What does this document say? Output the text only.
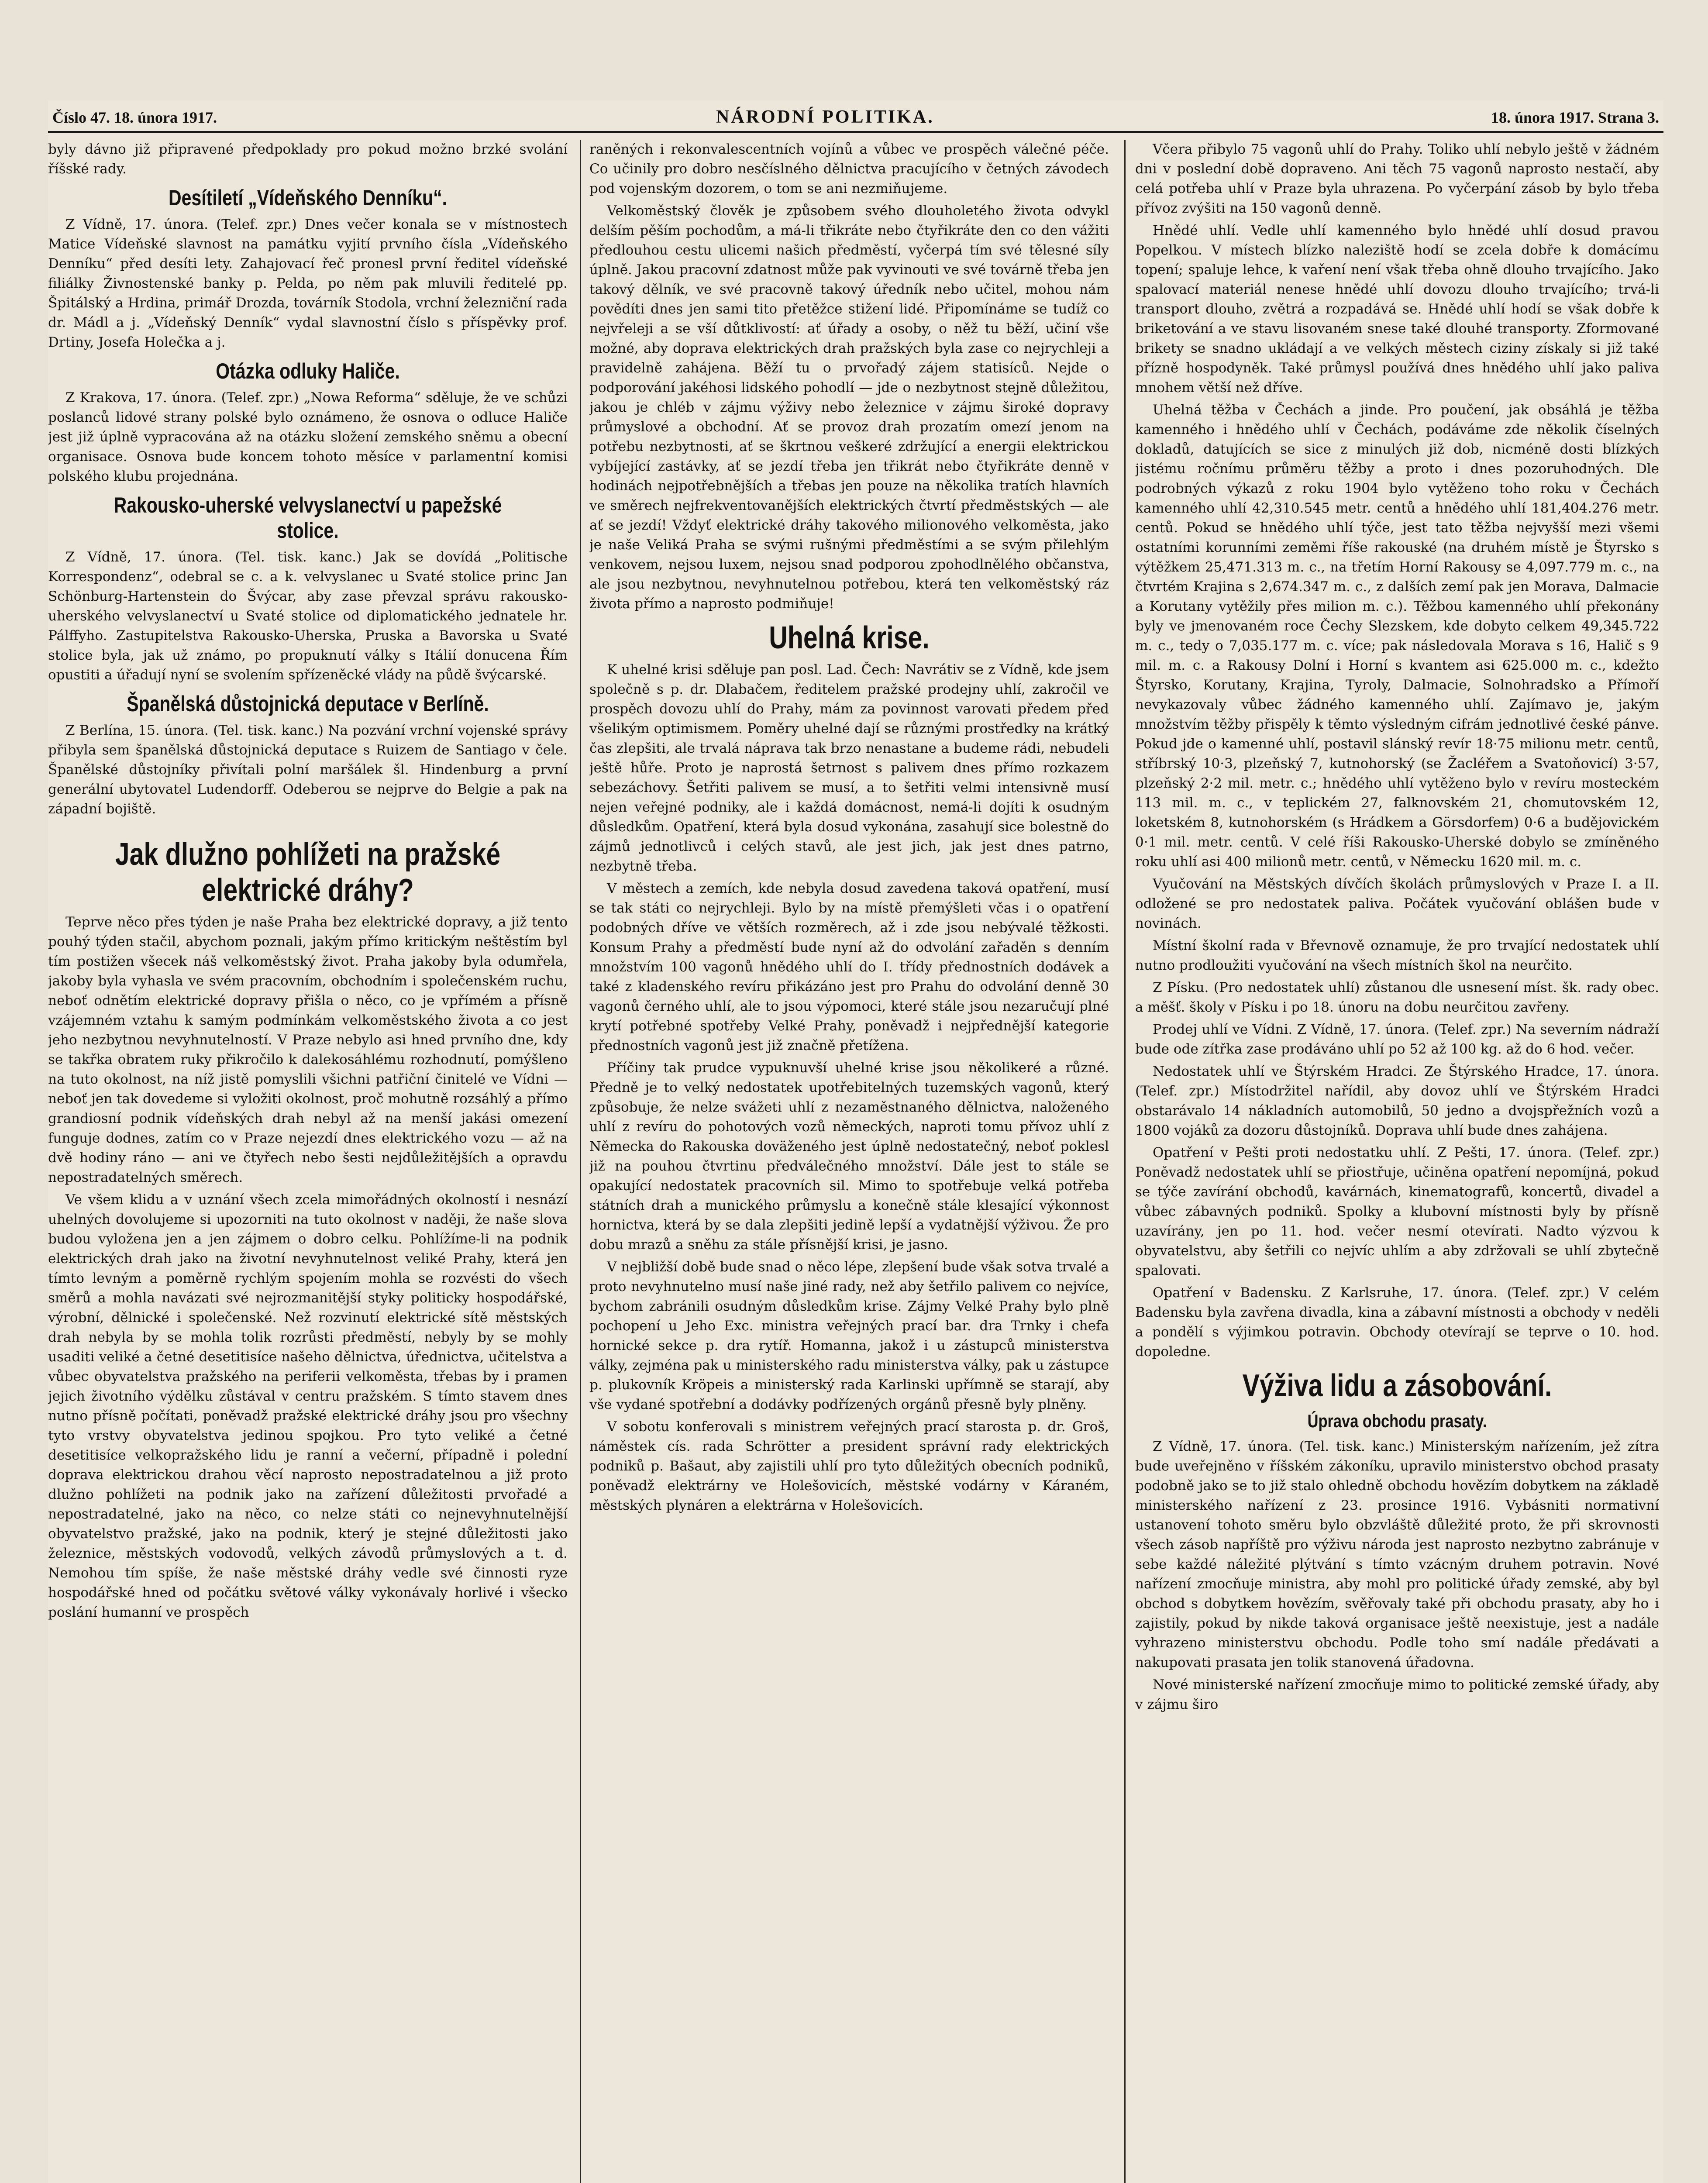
Číslo 47. 18. února 1917.	NÁRODNÍ POLITIKA.	18. února 1917. Strana 3.

byly dávno již připravené předpoklady pro pokud možno brzké svolání říšské rady.

Desítiletí „Vídeňského Denníku“.

Z Vídně, 17. února. (Telef. zpr.) Dnes večer konala se v místnostech Matice Vídeňské slavnost na památku vyjití prvního čísla „Vídeňského Denníku“ před desíti lety. Zahajovací řeč pronesl první ředitel vídeňské filiálky Živnostenské banky p. Pelda, po něm pak mluvili ředitelé pp. Špitálský a Hrdina, primář Drozda, továrník Stodola, vrchní železniční rada dr. Mádl a j. „Vídeňský Denník“ vydal slavnostní číslo s příspěvky prof. Drtiny, Josefa Holečka a j.

Otázka odluky Haliče.

Z Krakova, 17. února. (Telef. zpr.) „Nowa Reforma“ sděluje, že ve schůzi poslanců lidové strany polské bylo oznámeno, že osnova o odluce Haliče jest již úplně vypracována až na otázku složení zemského sněmu a obecní organisace. Osnova bude koncem tohoto měsíce v parlamentní komisi polského klubu projednána.

Rakousko-uherské velvyslanectví u papežské stolice.

Z Vídně, 17. února. (Tel. tisk. kanc.) Jak se dovídá „Politische Korrespondenz“, odebral se c. a k. velvyslanec u Svaté stolice princ Jan Schönburg-Hartenstein do Švýcar, aby zase převzal správu rakousko-uherského velvyslanectví u Svaté stolice od diplomatického jednatele hr. Pálffyho. Zastupitelstva Rakousko-Uherska, Pruska a Bavorska u Svaté stolice byla, jak už známo, po propuknutí války s Itálií donucena Řím opustiti a úřadují nyní se svolením spřízeněcké vlády na půdě švýcarské.

Španělská důstojnická deputace v Berlíně.

Z Berlína, 15. února. (Tel. tisk. kanc.) Na pozvání vrchní vojenské správy přibyla sem španělská důstojnická deputace s Ruizem de Santiago v čele. Španělské důstojníky přivítali polní maršálek šl. Hindenburg a první generální ubytovatel Ludendorff. Odeberou se nejprve do Belgie a pak na západní bojiště.

Jak dlužno pohlížeti na pražské elektrické dráhy?

Teprve něco přes týden je naše Praha bez elektrické dopravy, a již tento pouhý týden stačil, abychom poznali, jakým přímo kritickým neštěstím byl tím postižen všecek náš velkoměstský život. Praha jakoby byla odumřela, jakoby byla vyhasla ve svém pracovním, obchodním i společenském ruchu, neboť odnětím elektrické dopravy přišla o něco, co je vpřímém a přísně vzájemném vztahu k samým podmínkám velkoměstského života a co jest jeho nezbytnou nevyhnutelností. V Praze nebylo asi hned prvního dne, kdy se takřka obratem ruky přikročilo k dalekosáhlému rozhodnutí, pomýšleno na tuto okolnost, na níž jistě pomyslili všichni patřiční činitelé ve Vídni — neboť jen tak dovedeme si vyložiti okolnost, proč mohutně rozsáhlý a přímo grandiosní podnik vídeňských drah nebyl až na menší jakási omezení funguje dodnes, zatím co v Praze nejezdí dnes elektrického vozu — až na dvě hodiny ráno — ani ve čtyřech nebo šesti nejdůležitějších a opravdu nepostradatelných směrech.

Ve všem klidu a v uznání všech zcela mimořádných okolností i nesnází uhelných dovolujeme si upozorniti na tuto okolnost v naději, že naše slova budou vyložena jen a jen zájmem o dobro celku. Pohlížíme-li na podnik elektrických drah jako na životní nevyhnutelnost veliké Prahy, která jen tímto levným a poměrně rychlým spojením mohla se rozvésti do všech směrů a mohla navázati své nejrozmanitější styky politicky hospodářské, výrobní, dělnické i společenské. Než rozvinutí elektrické sítě městských drah nebyla by se mohla tolik rozrůsti předměstí, nebyly by se mohly usaditi veliké a četné desetitisíce našeho dělnictva, úřednictva, učitelstva a vůbec obyvatelstva pražského na periferii velkoměsta, třebas by i pramen jejich životního výdělku zůstával v centru pražském. S tímto stavem dnes nutno přísně počítati, poněvadž pražské elektrické dráhy jsou pro všechny tyto vrstvy obyvatelstva jedinou spojkou. Pro tyto veliké a četné desetitisíce velkopražského lidu je ranní a večerní, případně i polední doprava elektrickou drahou věcí naprosto nepostradatelnou a již proto dlužno pohlížeti na podnik jako na zařízení důležitosti prvořadé a nepostradatelné, jako na něco, co nelze státi co nejnevyhnutelnější obyvatelstvo pražské, jako na podnik, který je stejné důležitosti jako železnice, městských vodovodů, velkých závodů průmyslových a t. d. Nemohou tím spíše, že naše městské dráhy vedle své činnosti ryze hospodářské hned od počátku světové války vykonávaly horlivé i všecko poslání humanní ve prospěch

raněných i rekonvalescentních vojínů a vůbec ve prospěch válečné péče. Co učinily pro dobro nesčíslného dělnictva pracujícího v četných závodech pod vojenským dozorem, o tom se ani nezmiňujeme.

Velkoměstský člověk je způsobem svého dlouholetého života odvykl delším pěším pochodům, a má-li třikráte nebo čtyřikráte den co den vážiti předlouhou cestu ulicemi našich předměstí, vyčerpá tím své tělesné síly úplně. Jakou pracovní zdatnost může pak vyvinouti ve své továrně třeba jen takový dělník, ve své pracovně takový úředník nebo učitel, mohou nám povědíti dnes jen sami tito přetěžce stižení lidé. Připomínáme se tudíž co nejvřeleji a se vší důtklivostí: ať úřady a osoby, o něž tu běží, učiní vše možné, aby doprava elektrických drah pražských byla zase co nejrychleji a pravidelně zahájena. Běží tu o prvořadý zájem statisíců. Nejde o podporování jakéhosi lidského pohodlí — jde o nezbytnost stejně důležitou, jakou je chléb v zájmu výživy nebo železnice v zájmu široké dopravy průmyslové a obchodní. Ať se provoz drah prozatím omezí jenom na potřebu nezbytnosti, ať se škrtnou veškeré zdržující a energii elektrickou vybíjející zastávky, ať se jezdí třeba jen třikrát nebo čtyřikráte denně v hodinách nejpotřebnějších a třebas jen pouze na několika tratích hlavních ve směrech nejfrekventovanějších elektrických čtvrtí předměstských — ale ať se jezdí! Vždyť elektrické dráhy takového milionového velkoměsta, jako je naše Veliká Praha se svými rušnými předměstími a se svým přilehlým venkovem, nejsou luxem, nejsou snad podporou zpohodlnělého občanstva, ale jsou nezbytnou, nevyhnutelnou potřebou, která ten velkoměstský ráz života přímo a naprosto podmiňuje!

Uhelná krise.

K uhelné krisi sděluje pan posl. Lad. Čech: Navrátiv se z Vídně, kde jsem společně s p. dr. Dlabačem, ředitelem pražské prodejny uhlí, zakročil ve prospěch dovozu uhlí do Prahy, mám za povinnost varovati předem před všelikým optimismem. Poměry uhelné dají se různými prostředky na krátký čas zlepšiti, ale trvalá náprava tak brzo nenastane a budeme rádi, nebudeli ještě hůře. Proto je naprostá šetrnost s palivem dnes přímo rozkazem sebezáchovy. Šetřiti palivem se musí, a to šetřiti velmi intensivně musí nejen veřejné podniky, ale i každá domácnost, nemá-li dojíti k osudným důsledkům. Opatření, která byla dosud vykonána, zasahují sice bolestně do zájmů jednotlivců i celých stavů, ale jest jich, jak jest dnes patrno, nezbytně třeba.

V městech a zemích, kde nebyla dosud zavedena taková opatření, musí se tak státi co nejrychleji. Bylo by na místě přemýšleti včas i o opatření podobných dříve ve větších rozměrech, až i zde jsou nebývalé těžkosti. Konsum Prahy a předměstí bude nyní až do odvolání zařaděn s denním množstvím 100 vagonů hnědého uhlí do I. třídy přednostních dodávek a také z kladenského revíru přikázáno jest pro Prahu do odvolání denně 30 vagonů černého uhlí, ale to jsou výpomoci, které stále jsou nezaručují plné krytí potřebné spotřeby Velké Prahy, poněvadž i nejpřednější kategorie přednostních vagonů jest již značně přetížena.

Příčiny tak prudce vypuknuvší uhelné krise jsou několikeré a různé. Předně je to velký nedostatek upotřebitelných tuzemských vagonů, který způsobuje, že nelze svážeti uhlí z nezaměstnaného dělnictva, naloženého uhlí z revíru do pohotových vozů německých, naproti tomu přívoz uhlí z Německa do Rakouska doväženého jest úplně nedostatečný, neboť poklesl již na pouhou čtvrtinu předválečného množství. Dále jest to stále se opakující nedostatek pracovních sil. Mimo to spotřebuje velká potřeba státních drah a munického průmyslu a konečně stále klesající výkonnost hornictva, která by se dala zlepšiti jedině lepší a vydatnější výživou. Že pro dobu mrazů a sněhu za stále přísnější krisi, je jasno.

V nejbližší době bude snad o něco lépe, zlepšení bude však sotva trvalé a proto nevyhnutelno musí naše jiné rady, než aby šetřilo palivem co nejvíce, bychom zabránili osudným důsledkům krise. Zájmy Velké Prahy bylo plně pochopení u Jeho Exc. ministra veřejných prací bar. dra Trnky i chefa hornické sekce p. dra rytíř. Homanna, jakož i u zástupců ministerstva války, zejména pak u ministerského radu ministerstva války, pak u zástupce p. plukovník Kröpeis a ministerský rada Karlinski upřímně se starají, aby vše vydané spotřební a dodávky podřízených orgánů přesně byly plněny.

V sobotu konferovali s ministrem veřejných prací starosta p. dr. Groš, náměstek cís. rada Schrötter a president správní rady elektrických podniků p. Bašaut, aby zajistili uhlí pro tyto důležitých obecních podniků, poněvadž elektrárny ve Holešovicích, městské vodárny v Káraném, městských plynáren a elektrárna v Holešovicích.

Včera přibylo 75 vagonů uhlí do Prahy. Toliko uhlí nebylo ještě v žádném dni v poslední době dopraveno. Ani těch 75 vagonů naprosto nestačí, aby celá potřeba uhlí v Praze byla uhrazena. Po vyčerpání zásob by bylo třeba přívoz zvýšiti na 150 vagonů denně.

Hnědé uhlí. Vedle uhlí kamenného bylo hnědé uhlí dosud pravou Popelkou. V místech blízko naleziště hodí se zcela dobře k domácímu topení; spaluje lehce, k vaření není však třeba ohně dlouho trvajícího. Jako spalovací materiál nenese hnědé uhlí dovozu dlouho trvajícího; trvá-li transport dlouho, zvětrá a rozpadává se. Hnědé uhlí hodí se však dobře k briketování a ve stavu lisovaném snese také dlouhé transporty. Zformované brikety se snadno ukládají a ve velkých městech ciziny získaly si již také přízně hospodyněk. Také průmysl používá dnes hnědého uhlí jako paliva mnohem větší než dříve.

Uhelná těžba v Čechách a jinde. Pro poučení, jak obsáhlá je těžba kamenného i hnědého uhlí v Čechách, podáváme zde několik číselných dokladů, datujících se sice z minulých již dob, nicméně dosti blízkých jistému ročnímu průměru těžby a proto i dnes pozoruhodných. Dle podrobných výkazů z roku 1904 bylo vytěženo toho roku v Čechách kamenného uhlí 42,310.545 metr. centů a hnědého uhlí 181,404.276 metr. centů. Pokud se hnědého uhlí týče, jest tato těžba nejvyšší mezi všemi ostatními korunními zeměmi říše rakouské (na druhém místě je Štyrsko s výtěžkem 25,471.313 m. c., na třetím Horní Rakousy se 4,097.779 m. c., na čtvrtém Krajina s 2,674.347 m. c., z dalších zemí pak jen Morava, Dalmacie a Korutany vytěžily přes milion m. c.). Těžbou kamenného uhlí překonány byly ve jmenovaném roce Čechy Slezskem, kde dobyto celkem 49,345.722 m. c., tedy o 7,035.177 m. c. více; pak následovala Morava s 16, Halič s 9 mil. m. c. a Rakousy Dolní i Horní s kvantem asi 625.000 m. c., kdežto Štyrsko, Korutany, Krajina, Tyroly, Dalmacie, Solnohradsko a Přímoří nevykazovaly vůbec žádného kamenného uhlí. Zajímavo je, jakým množstvím těžby přispěly k těmto výsledným cifrám jednotlivé české pánve. Pokud jde o kamenné uhlí, postavil slánský revír 18·75 milionu metr. centů, stříbrský 10·3, plzeňský 7, kutnohorský (se Žacléřem a Svatoňovicí) 3·57, plzeňský 2·2 mil. metr. c.; hnědého uhlí vytěženo bylo v revíru mosteckém 113 mil. m. c., v teplickém 27, falknovském 21, chomutovském 12, loketském 8, kutnohorském (s Hrádkem a Görsdorfem) 0·6 a budějovickém 0·1 mil. metr. centů. V celé říši Rakousko-Uherské dobylo se zmíněného roku uhlí asi 400 milionů metr. centů, v Německu 1620 mil. m. c.

Vyučování na Městských dívčích školách průmyslových v Praze I. a II. odložené se pro nedostatek paliva. Počátek vyučování oblášen bude v novinách.

Místní školní rada v Břevnově oznamuje, že pro trvající nedostatek uhlí nutno prodloužiti vyučování na všech místních škol na neurčito.

Z Písku. (Pro nedostatek uhlí) zůstanou dle usnesení míst. šk. rady obec. a měšť. školy v Písku i po 18. únoru na dobu neurčitou zavřeny.

Prodej uhlí ve Vídni. Z Vídně, 17. února. (Telef. zpr.) Na severním nádraží bude ode zítřka zase prodáváno uhlí po 52 až 100 kg. až do 6 hod. večer.

Nedostatek uhlí ve Štýrském Hradci. Ze Štýrského Hradce, 17. února. (Telef. zpr.) Místodržitel nařídil, aby dovoz uhlí ve Štýrském Hradci obstarávalo 14 nákladních automobilů, 50 jedno a dvojspřežních vozů a 1800 vojáků za dozoru důstojníků. Doprava uhlí bude dnes zahájena.

Opatření v Pešti proti nedostatku uhlí. Z Pešti, 17. února. (Telef. zpr.) Poněvadž nedostatek uhlí se přiostřuje, učiněna opatření nepomíjná, pokud se týče zavírání obchodů, kavárnách, kinematografů, koncertů, divadel a vůbec zábavných podniků. Spolky a klubovní místnosti byly by přísně uzavírány, jen po 11. hod. večer nesmí otevírati. Nadto výzvou k obyvatelstvu, aby šetřili co nejvíc uhlím a aby zdržovali se uhlí zbytečně spalovati.

Opatření v Badensku. Z Karlsruhe, 17. února. (Telef. zpr.) V celém Badensku byla zavřena divadla, kina a zábavní místnosti a obchody v neděli a pondělí s výjimkou potravin. Obchody otevírají se teprve o 10. hod. dopoledne.

Výživa lidu a zásobování.
Úprava obchodu prasaty.

Z Vídně, 17. února. (Tel. tisk. kanc.) Ministerským nařízením, jež zítra bude uveřejněno v říšském zákoníku, upravilo ministerstvo obchod prasaty podobně jako se to již stalo ohledně obchodu hovězím dobytkem na základě ministerského nařízení z 23. prosince 1916. Vybásniti normativní ustanovení tohoto směru bylo obzvláště důležité proto, že při skrovnosti všech zásob napříště pro výživu národa jest naprosto nezbytno zabránuje v sebe každé náležité plýtvání s tímto vzácným druhem potravin. Nové nařízení zmocňuje ministra, aby mohl pro politické úřady zemské, aby byl obchod s dobytkem hovězím, svěřovaly také při obchodu prasaty, aby ho i zajistily, pokud by nikde taková organisace ještě neexistuje, jest a nadále vyhrazeno ministerstvu obchodu. Podle toho smí nadále předávati a nakupovati prasata jen tolik stanovená úřadovna.

Nové ministerské nařízení zmocňuje mimo to politické zemské úřady, aby v zájmu širo
